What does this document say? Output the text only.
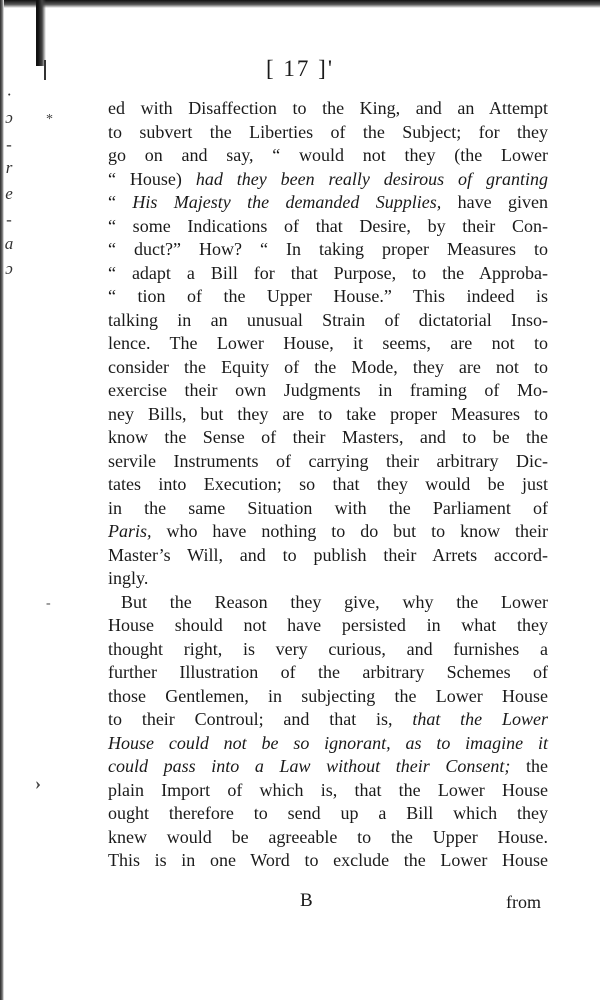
·
ɔ
-
r
e
-
a
ɔ
*
-
›
[ 17 ]'
ed with Disaffection to the King, and an Attempt
to subvert the Liberties of the Subject; for they
go on and say, “ would not they (the Lower
“ House) had they been really desirous of granting
“ His Majesty the demanded Supplies, have given
“ some Indications of that Desire, by their Con-
“ duct?” How? “ In taking proper Measures to
“ adapt a Bill for that Purpose, to the Approba-
“ tion of the Upper House.” This indeed is
talking in an unusual Strain of dictatorial Inso-
lence. The Lower House, it seems, are not to
consider the Equity of the Mode, they are not to
exercise their own Judgments in framing of Mo-
ney Bills, but they are to take proper Measures to
know the Sense of their Masters, and to be the
servile Instruments of carrying their arbitrary Dic-
tates into Execution; so that they would be just
in the same Situation with the Parliament of
Paris, who have nothing to do but to know their
Master’s Will, and to publish their Arrets accord-
ingly.
But the Reason they give, why the Lower
House should not have persisted in what they
thought right, is very curious, and furnishes a
further Illustration of the arbitrary Schemes of
those Gentlemen, in subjecting the Lower House
to their Controul; and that is, that the Lower
House could not be so ignorant, as to imagine it
could pass into a Law without their Consent; the
plain Import of which is, that the Lower House
ought therefore to send up a Bill which they
knew would be agreeable to the Upper House.
This is in one Word to exclude the Lower House
B	from
